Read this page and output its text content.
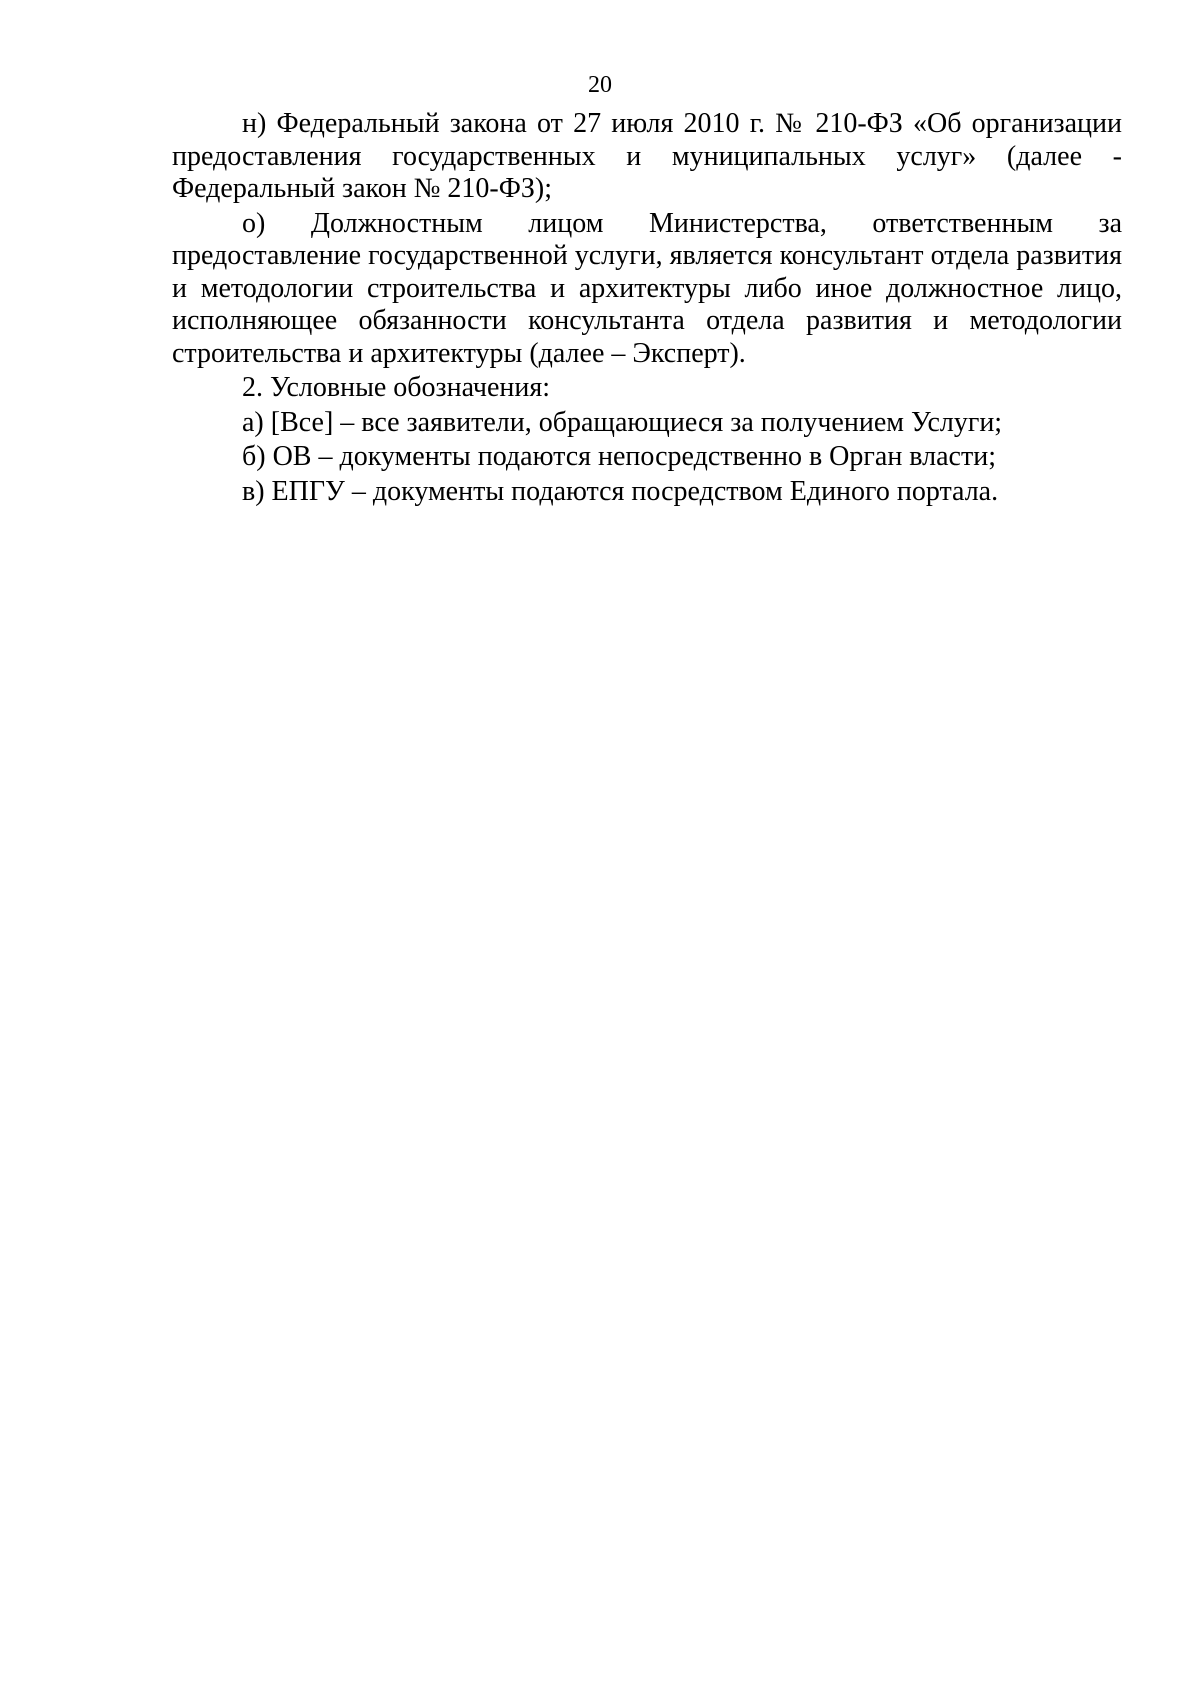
20

н) Федеральный закона от 27 июля 2010 г. № 210-ФЗ «Об организации предоставления государственных и муниципальных услуг» (далее - Федеральный закон № 210-ФЗ);

о) Должностным лицом Министерства, ответственным за предоставление государственной услуги, является консультант отдела развития и методологии строительства и архитектуры либо иное должностное лицо, исполняющее обязанности консультанта отдела развития и методологии строительства и архитектуры (далее – Эксперт).

2. Условные обозначения:

а) [Все] – все заявители, обращающиеся за получением Услуги;

б) ОВ – документы подаются непосредственно в Орган власти;

в) ЕПГУ – документы подаются посредством Единого портала.
